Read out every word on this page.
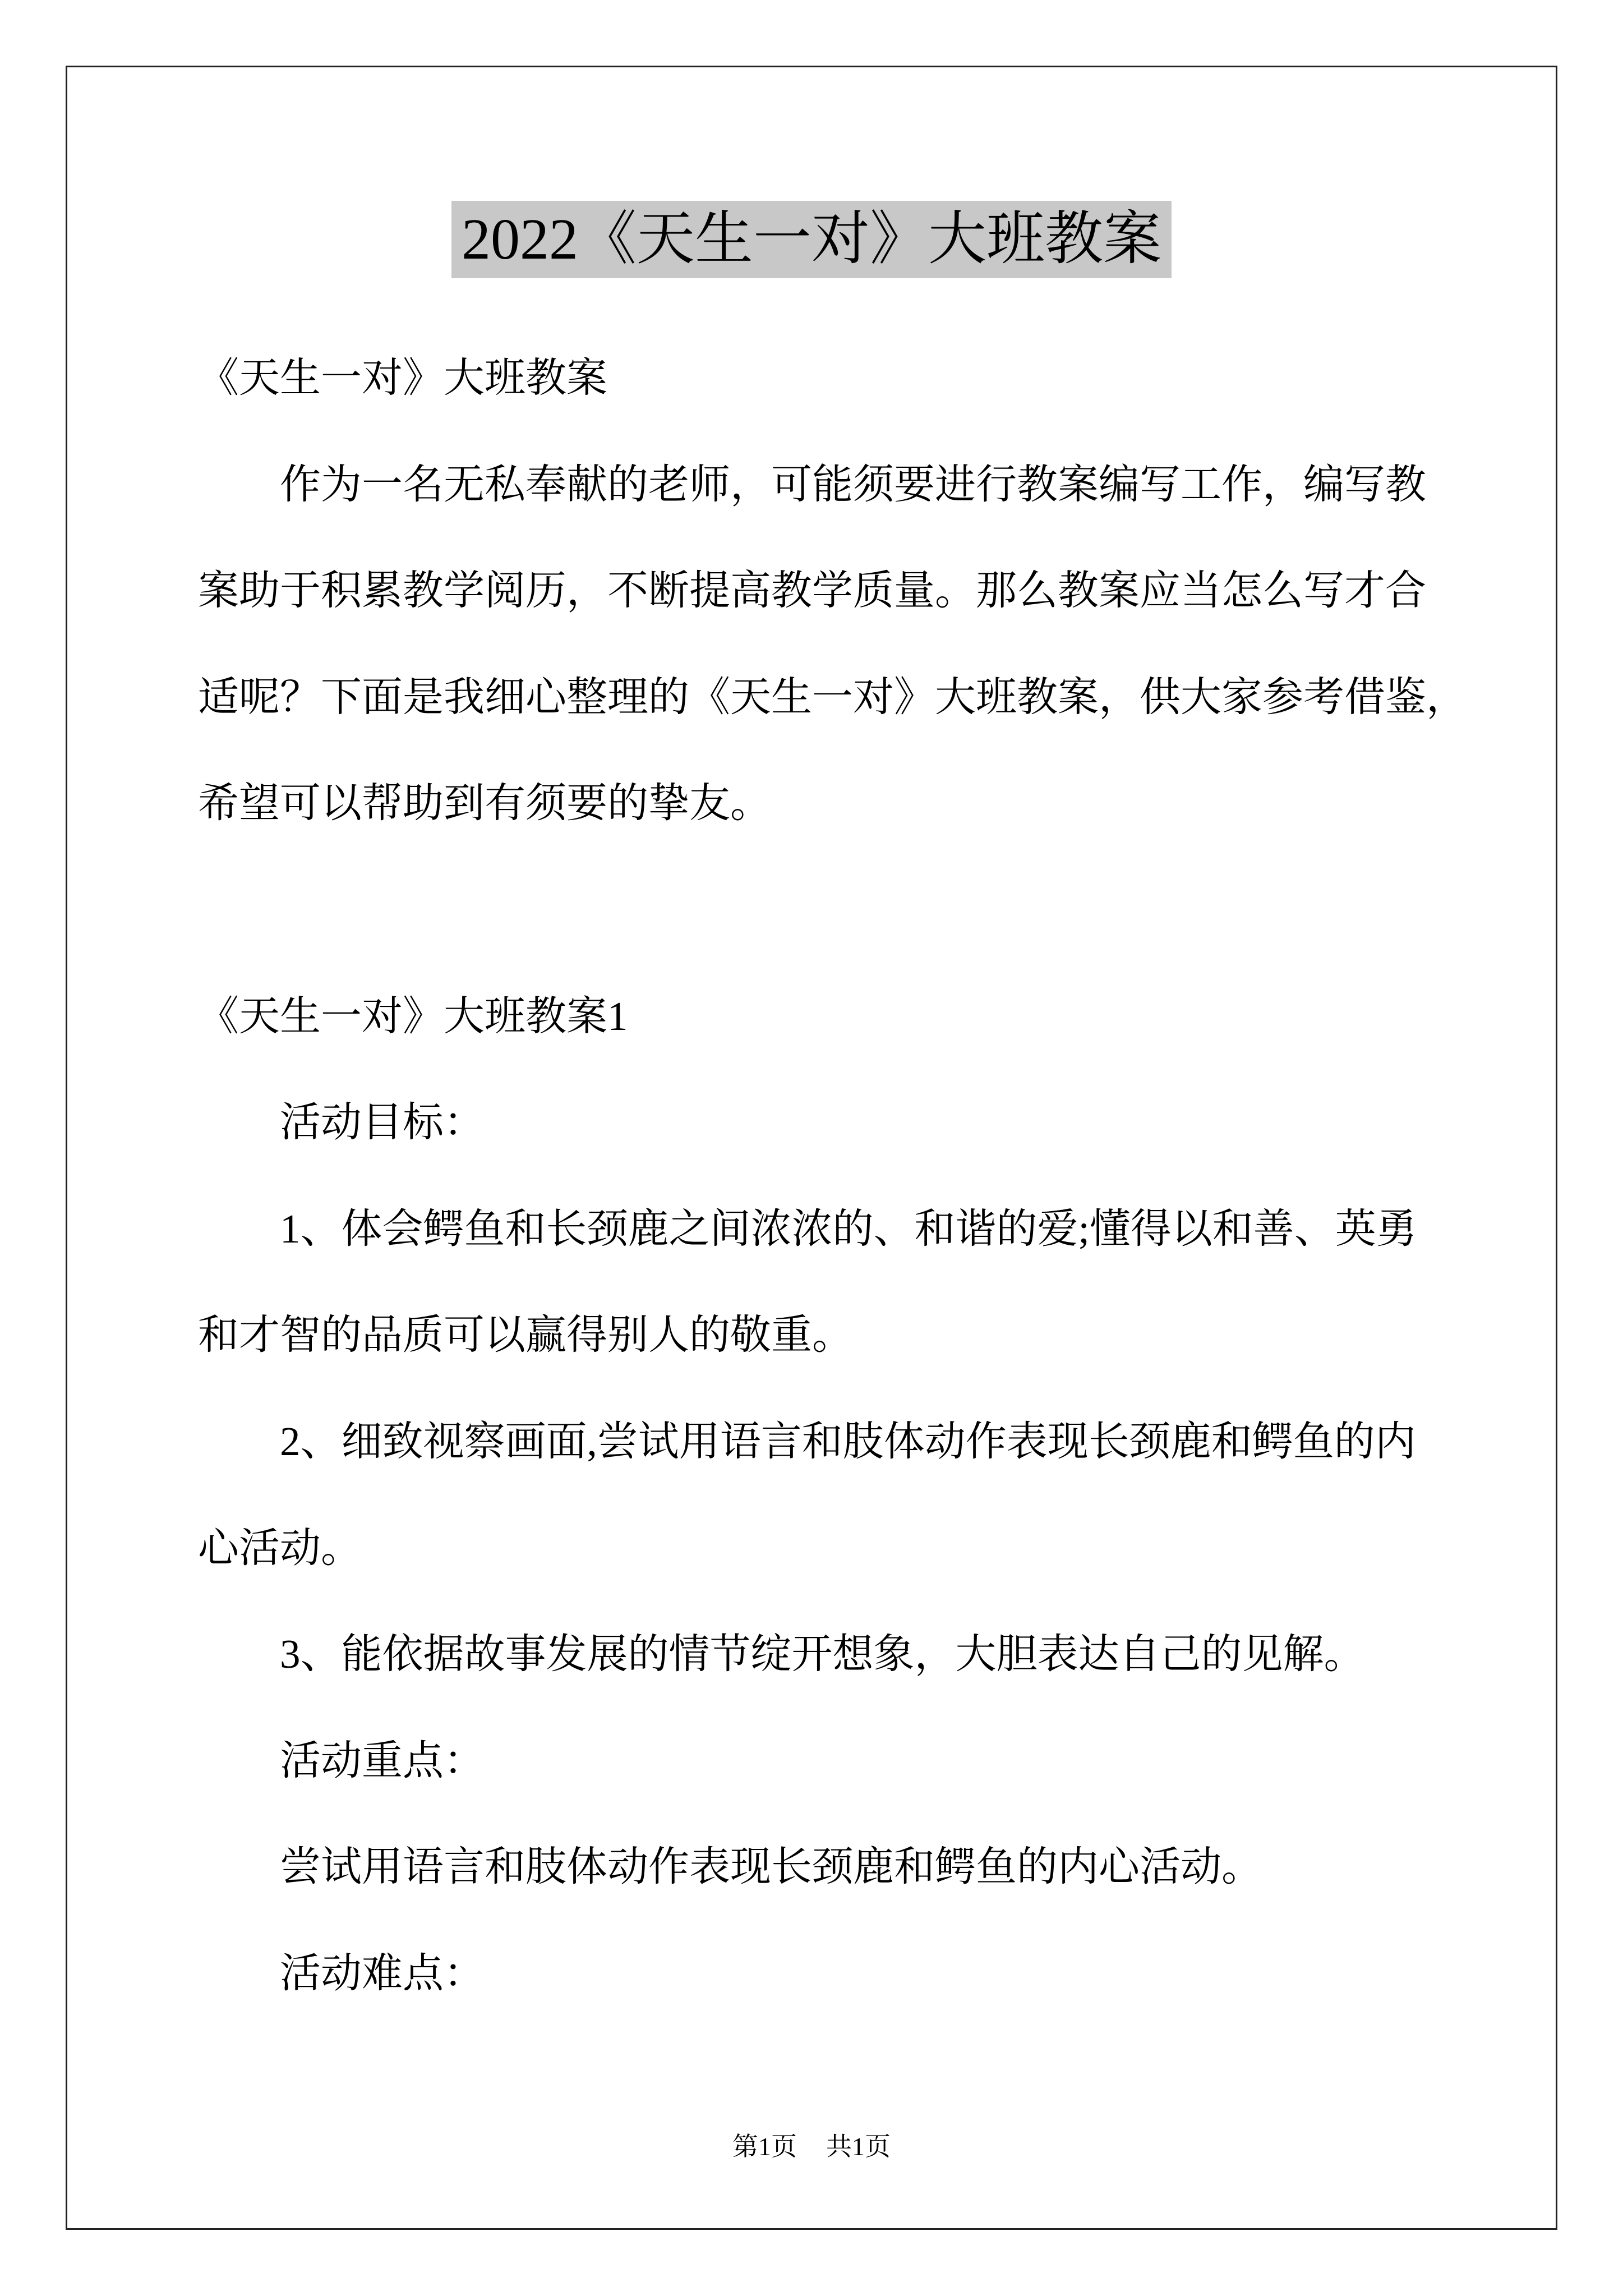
2022《天生一对》大班教案
《天生一对》大班教案
作为一名无私奉献的老师，可能须要进行教案编写工作，编写教
案助于积累教学阅历，不断提高教学质量。那么教案应当怎么写才合
适呢？下面是我细心整理的《天生一对》大班教案，供大家参考借鉴，
希望可以帮助到有须要的挚友。
《天生一对》大班教案1
活动目标：
1、体会鳄鱼和长颈鹿之间浓浓的、和谐的爱;懂得以和善、英勇
和才智的品质可以赢得别人的敬重。
2、细致视察画面,尝试用语言和肢体动作表现长颈鹿和鳄鱼的内
心活动。
3、能依据故事发展的情节绽开想象，大胆表达自己的见解。
活动重点：
尝试用语言和肢体动作表现长颈鹿和鳄鱼的内心活动。
活动难点：
第1页 共1页
